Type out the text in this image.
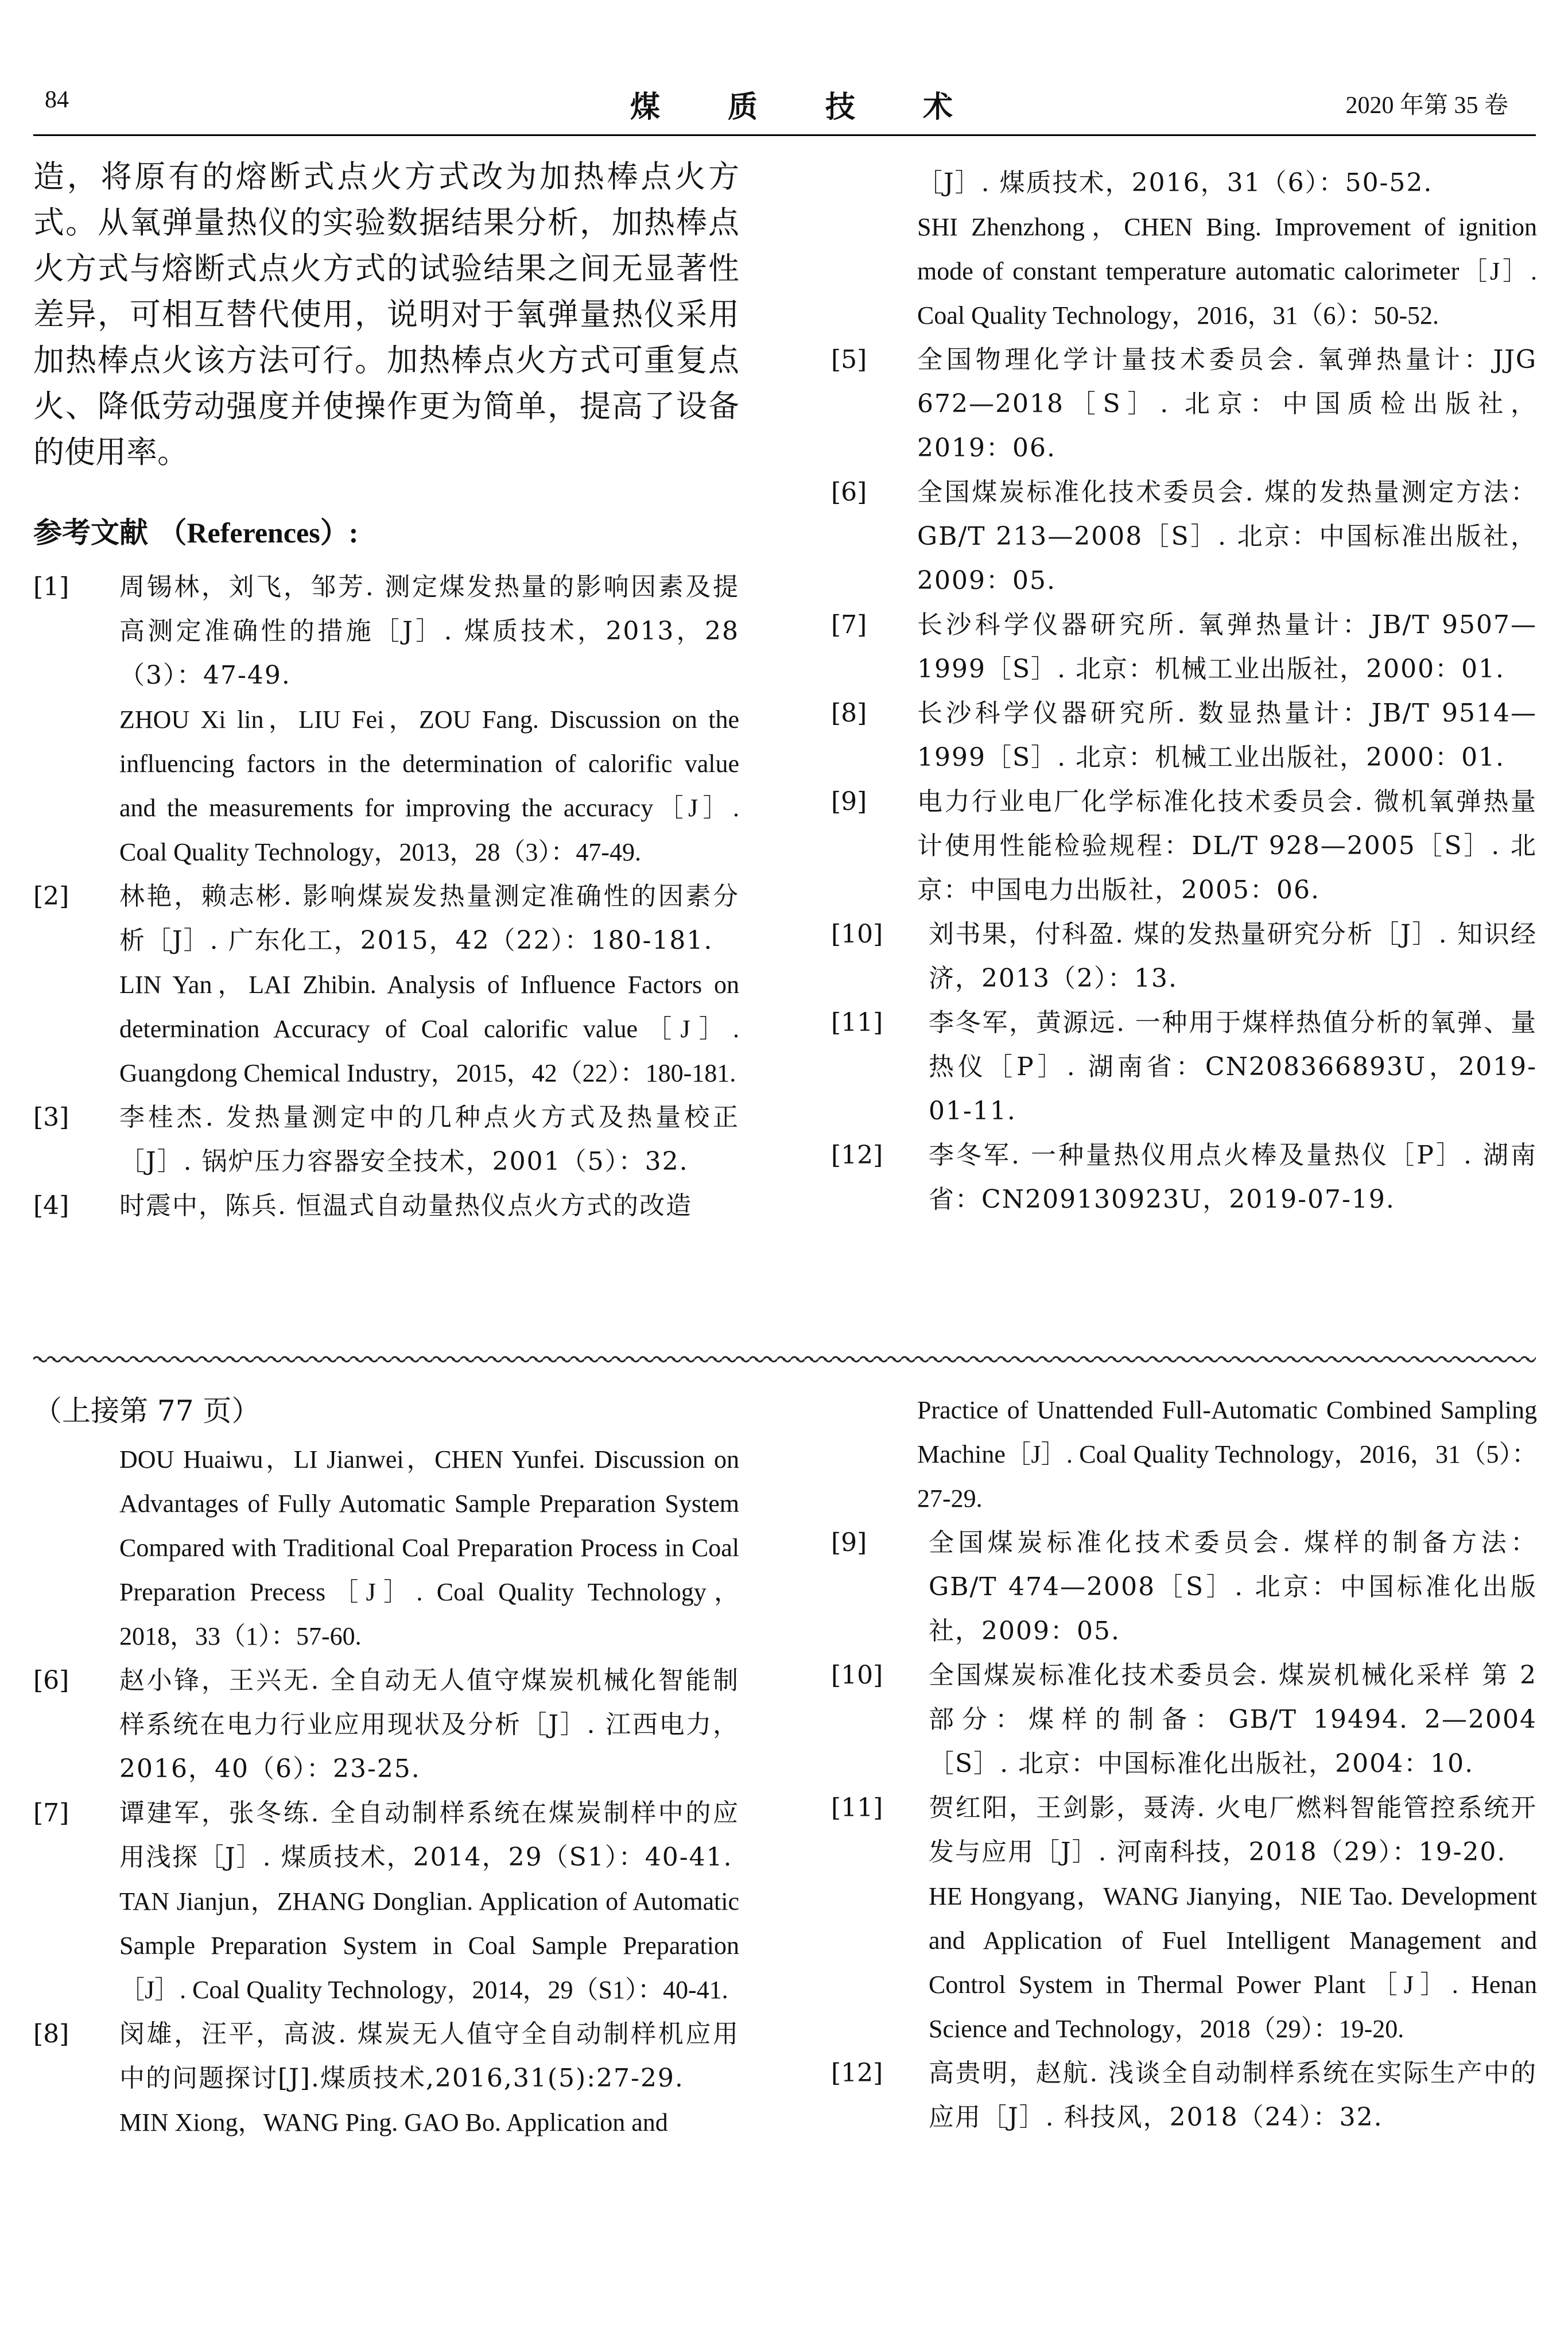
84	煤质技术	2020 年第 35 卷

造，将原有的熔断式点火方式改为加热棒点火方式。从氧弹量热仪的实验数据结果分析，加热棒点火方式与熔断式点火方式的试验结果之间无显著性差异，可相互替代使用，说明对于氧弹量热仪采用加热棒点火该方法可行。加热棒点火方式可重复点火、降低劳动强度并使操作更为简单，提高了设备的使用率。

参考文献 （References）:
[1] 周锡林，刘飞，邹芳. 测定煤发热量的影响因素及提高测定准确性的措施［J］. 煤质技术，2013，28（3）：47-49.
ZHOU Xi lin，LIU Fei，ZOU Fang. Discussion on the influencing factors in the determination of calorific value and the measurements for improving the accuracy［J］. Coal Quality Technology，2013，28（3）：47-49.
[2] 林艳，赖志彬. 影响煤炭发热量测定准确性的因素分析［J］. 广东化工，2015，42（22）：180-181.
LIN Yan，LAI Zhibin. Analysis of Influence Factors on determination Accuracy of Coal calorific value［J］. Guangdong Chemical Industry，2015，42（22）：180-181.
[3] 李桂杰. 发热量测定中的几种点火方式及热量校正［J］. 锅炉压力容器安全技术，2001（5）：32.
[4] 时震中，陈兵. 恒温式自动量热仪点火方式的改造
［J］. 煤质技术，2016，31（6）：50-52.
SHI Zhenzhong，CHEN Bing. Improvement of ignition mode of constant temperature automatic calorimeter［J］. Coal Quality Technology，2016，31（6）：50-52.
[5] 全国物理化学计量技术委员会. 氧弹热量计：JJG 672—2018［S］. 北京：中国质检出版社，2019：06.
[6] 全国煤炭标准化技术委员会. 煤的发热量测定方法：GB/T 213—2008［S］. 北京：中国标准出版社，2009：05.
[7] 长沙科学仪器研究所. 氧弹热量计：JB/T 9507—1999［S］. 北京：机械工业出版社，2000：01.
[8] 长沙科学仪器研究所. 数显热量计：JB/T 9514—1999［S］. 北京：机械工业出版社，2000：01.
[9] 电力行业电厂化学标准化技术委员会. 微机氧弹热量计使用性能检验规程：DL/T 928—2005［S］. 北京：中国电力出版社，2005：06.
[10] 刘书果，付科盈. 煤的发热量研究分析［J］. 知识经济，2013（2）：13.
[11] 李冬军，黄源远. 一种用于煤样热值分析的氧弹、量热仪［P］. 湖南省：CN208366893U，2019-01-11.
[12] 李冬军. 一种量热仪用点火棒及量热仪［P］. 湖南省：CN209130923U，2019-07-19.
（上接第 77 页）
DOU Huaiwu，LI Jianwei，CHEN Yunfei. Discussion on Advantages of Fully Automatic Sample Preparation System Compared with Traditional Coal Preparation Process in Coal Preparation Precess［J］. Coal Quality Technology，2018，33（1）：57-60.
[6] 赵小锋，王兴无. 全自动无人值守煤炭机械化智能制样系统在电力行业应用现状及分析［J］. 江西电力，2016，40（6）：23-25.
[7] 谭建军，张冬练. 全自动制样系统在煤炭制样中的应用浅探［J］. 煤质技术，2014，29（S1）：40-41.
TAN Jianjun，ZHANG Donglian. Application of Automatic Sample Preparation System in Coal Sample Preparation［J］. Coal Quality Technology，2014，29（S1）：40-41.
[8] 闵雄，汪平，高波. 煤炭无人值守全自动制样机应用中的问题探讨[J].煤质技术,2016,31(5):27-29.
MIN Xiong，WANG Ping. GAO Bo. Application and
Practice of Unattended Full-Automatic Combined Sampling Machine［J］. Coal Quality Technology，2016，31（5）：27-29.
[9] 全国煤炭标准化技术委员会. 煤样的制备方法：GB/T 474—2008［S］. 北京：中国标准化出版社，2009：05.
[10] 全国煤炭标准化技术委员会. 煤炭机械化采样 第 2 部分：煤样的制备：GB/T 19494. 2—2004［S］. 北京：中国标准化出版社，2004：10.
[11] 贺红阳，王剑影，聂涛. 火电厂燃料智能管控系统开发与应用［J］. 河南科技，2018（29）：19-20.
HE Hongyang，WANG Jianying，NIE Tao. Development and Application of Fuel Intelligent Management and Control System in Thermal Power Plant［J］. Henan Science and Technology，2018（29）：19-20.
[12] 高贵明，赵航. 浅谈全自动制样系统在实际生产中的应用［J］. 科技风，2018（24）：32.
